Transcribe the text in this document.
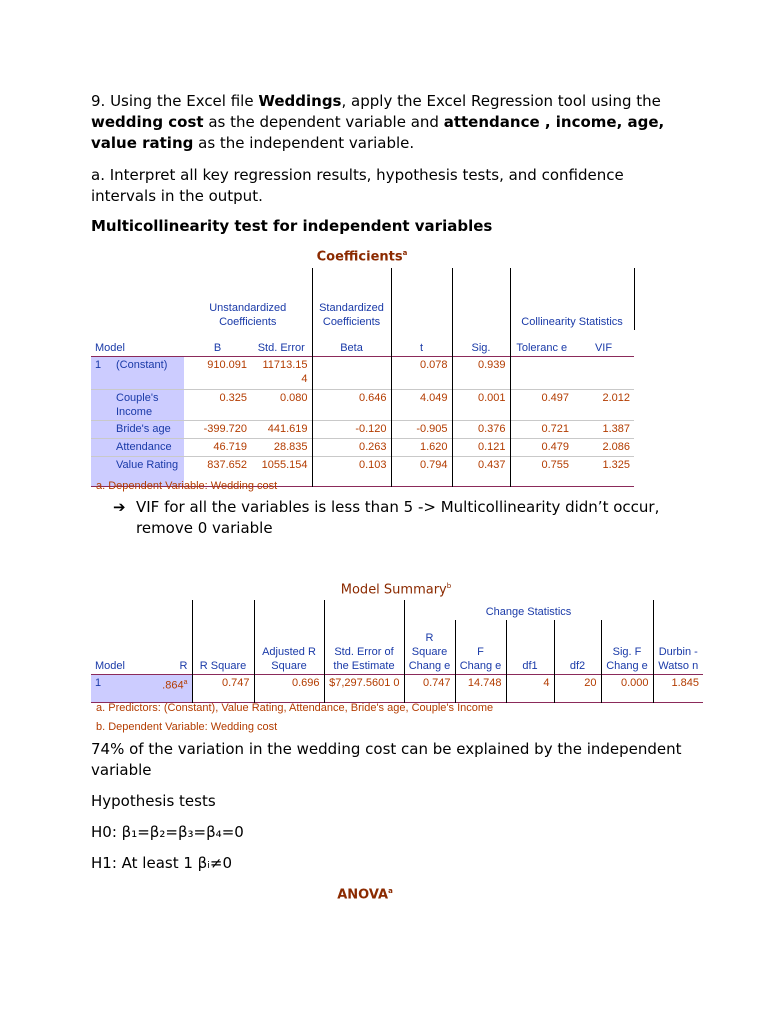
9. Using the Excel file Weddings, apply the Excel Regression tool using the wedding cost as the dependent variable and attendance , income, age, value rating as the independent variable.
a. Interpret all key regression results, hypothesis tests, and confidence intervals in the output.
Multicollinearity test for independent variables
Coefficients$^a$
		Unstandardized Coefficients		Standardized Coefficients			Collinearity Statistics	
Model		B	Std. Error	Beta	t	Sig.	Toleranc e	VIF
1	(Constant)	910.091	11713.15 4		0.078	0.939		
	Couple's Income	0.325	0.080	0.646	4.049	0.001	0.497	2.012
	Bride's age	-399.720	441.619	-0.120	-0.905	0.376	0.721	1.387
	Attendance	46.719	28.835	0.263	1.620	0.121	0.479	2.086
	Value Rating	837.652	1055.154	0.103	0.794	0.437	0.755	1.325
a. Dependent Variable: Wedding cost
➔ VIF for all the variables is less than 5 -> Multicollinearity didn’t occur, remove 0 variable
Model Summary$^b$
					Change Statistics					
Model	R	R Square	Adjusted R Square	Std. Error of the Estimate	R Square Chang e	F Chang e	df1	df2	Sig. F Chang e	Durbin - Watso n
1	.864$^a$	0.747	0.696	$7,297.5601 0	0.747	14.748	4	20	0.000	1.845
a. Predictors: (Constant), Value Rating, Attendance, Bride's age, Couple's Income
b. Dependent Variable: Wedding cost
74% of the variation in the wedding cost can be explained by the independent variable
Hypothesis tests
H0: β₁=β₂=β₃=β₄=0
H1: At least 1 βᵢ≠0
ANOVA$^a$
